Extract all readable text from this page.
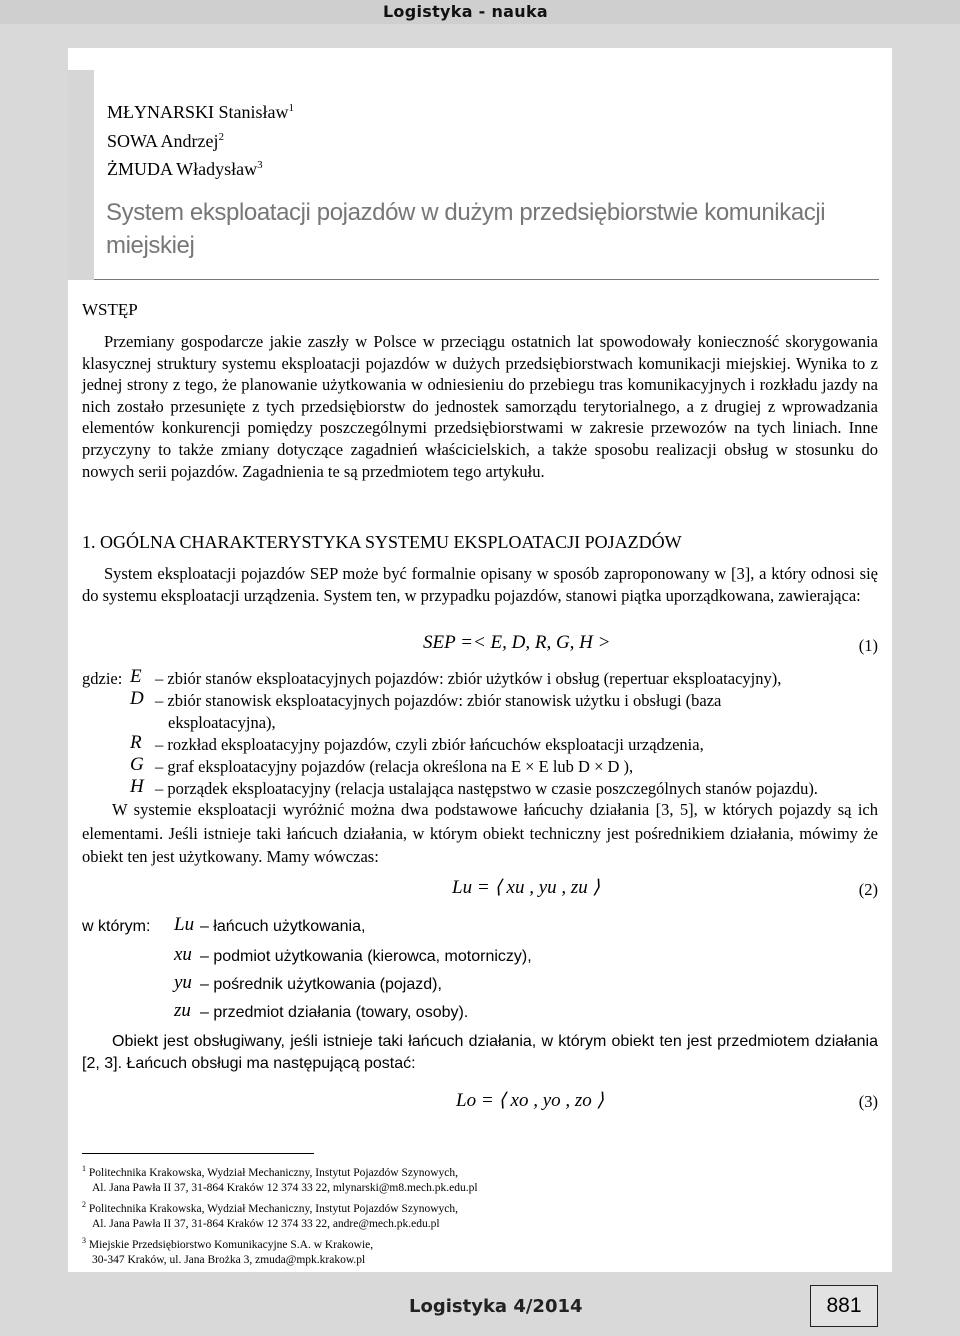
Logistyka - nauka
MŁYNARSKI Stanisław$^1$
SOWA Andrzej$^2$
ŻMUDA Władysław$^3$
System eksploatacji pojazdów w dużym przedsiębiorstwie komunikacji miejskiej
WSTĘP
Przemiany gospodarcze jakie zaszły w Polsce w przeciągu ostatnich lat spowodowały konieczność skorygowania klasycznej struktury systemu eksploatacji pojazdów w dużych przedsiębiorstwach komunikacji miejskiej. Wynika to z jednej strony z tego, że planowanie użytkowania w odniesieniu do przebiegu tras komunikacyjnych i rozkładu jazdy na nich zostało przesunięte z tych przedsiębiorstw do jednostek samorządu terytorialnego, a z drugiej z wprowadzania elementów konkurencji pomiędzy poszczególnymi przedsiębiorstwami w zakresie przewozów na tych liniach. Inne przyczyny to także zmiany dotyczące zagadnień właścicielskich, a także sposobu realizacji obsług w stosunku do nowych serii pojazdów. Zagadnienia te są przedmiotem tego artykułu.
1. OGÓLNA CHARAKTERYSTYKA SYSTEMU EKSPLOATACJI POJAZDÓW
System eksploatacji pojazdów SEP może być formalnie opisany w sposób zaproponowany w [3], a który odnosi się do systemu eksploatacji urządzenia. System ten, w przypadku pojazdów, stanowi piątka uporządkowana, zawierająca:
SEP =< E, D, R, G, H >	(1)
gdzie: E – zbiór stanów eksploatacyjnych pojazdów: zbiór użytków i obsług (repertuar eksploatacyjny),
D – zbiór stanowisk eksploatacyjnych pojazdów: zbiór stanowisk użytku i obsługi (baza
eksploatacyjna),
R – rozkład eksploatacyjny pojazdów, czyli zbiór łańcuchów eksploatacji urządzenia,
G – graf eksploatacyjny pojazdów (relacja określona na E × E lub D × D ),
H – porządek eksploatacyjny (relacja ustalająca następstwo w czasie poszczególnych stanów pojazdu).
W systemie eksploatacji wyróżnić można dwa podstawowe łańcuchy działania [3, 5], w których pojazdy są ich elementami. Jeśli istnieje taki łańcuch działania, w którym obiekt techniczny jest pośrednikiem działania, mówimy że obiekt ten jest użytkowany. Mamy wówczas:
Lu = ⟨ xu , yu , zu ⟩	(2)
w którym: Lu – łańcuch użytkowania,
xu – podmiot użytkowania (kierowca, motorniczy),
yu – pośrednik użytkowania (pojazd),
zu – przedmiot działania (towary, osoby).
Obiekt jest obsługiwany, jeśli istnieje taki łańcuch działania, w którym obiekt ten jest przedmiotem działania [2, 3]. Łańcuch obsługi ma następującą postać:
Lo = ⟨ xo , yo , zo ⟩	(3)
$^1$ Politechnika Krakowska, Wydział Mechaniczny, Instytut Pojazdów Szynowych,
Al. Jana Pawła II 37, 31-864 Kraków 12 374 33 22, mlynarski@m8.mech.pk.edu.pl
$^2$ Politechnika Krakowska, Wydział Mechaniczny, Instytut Pojazdów Szynowych,
Al. Jana Pawła II 37, 31-864 Kraków 12 374 33 22, andre@mech.pk.edu.pl
$^3$ Miejskie Przedsiębiorstwo Komunikacyjne S.A. w Krakowie,
30-347 Kraków, ul. Jana Brożka 3, zmuda@mpk.krakow.pl
Logistyka 4/2014	881
